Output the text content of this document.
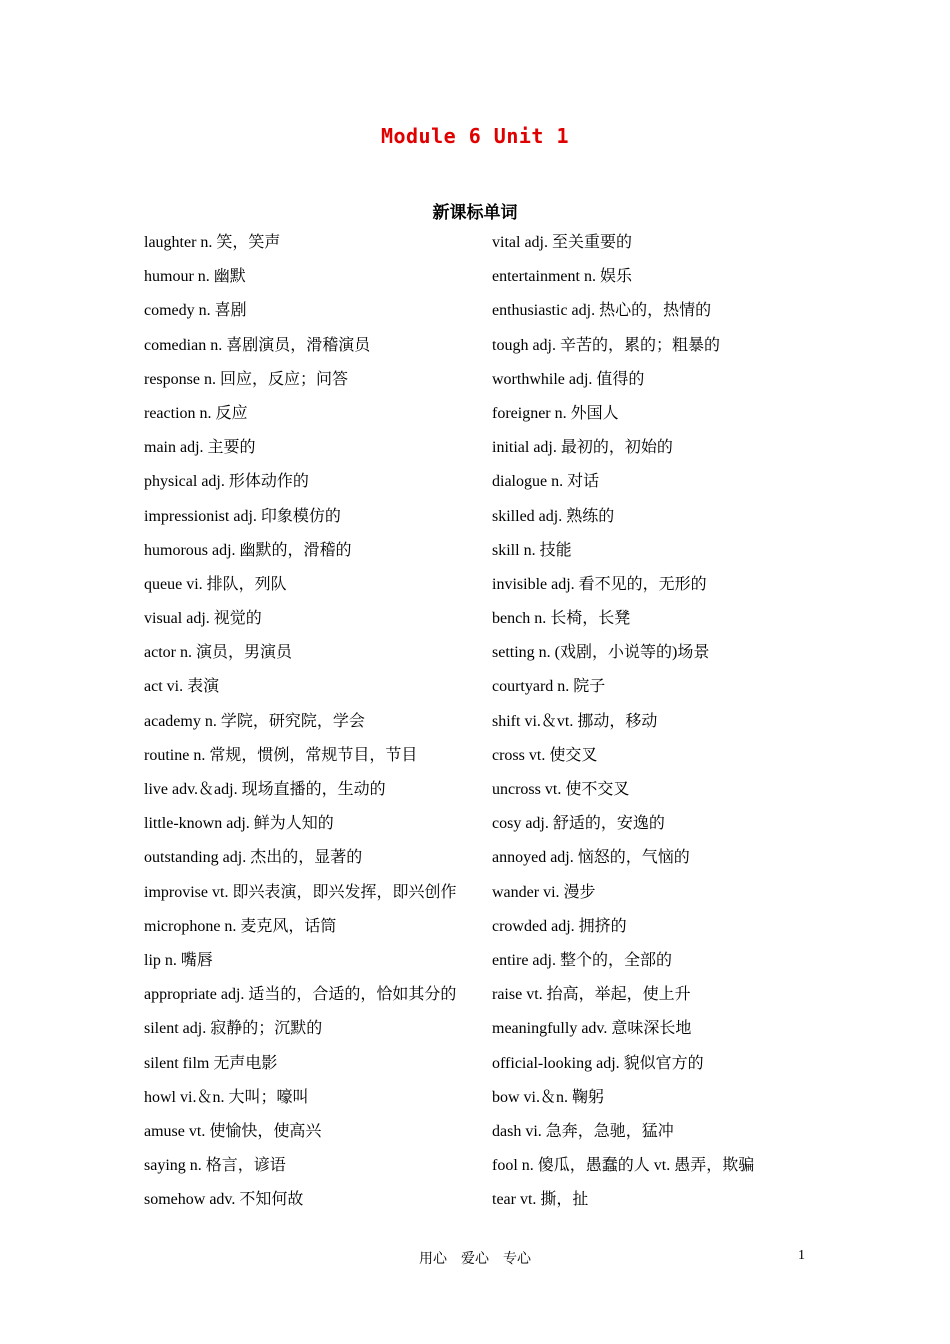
Module 6 Unit 1
新课标单词
laughter n. 笑，笑声
humour n. 幽默
comedy n. 喜剧
comedian n. 喜剧演员，滑稽演员
response n. 回应，反应；问答
reaction n. 反应
main adj. 主要的
physical adj. 形体动作的
impressionist adj. 印象模仿的
humorous adj. 幽默的，滑稽的
queue vi. 排队，列队
visual adj. 视觉的
actor n. 演员，男演员
act vi. 表演
academy n. 学院，研究院，学会
routine n. 常规，惯例，常规节目，节目
live adv.＆adj. 现场直播的，生动的
little-known adj. 鲜为人知的
outstanding adj. 杰出的，显著的
improvise vt. 即兴表演，即兴发挥，即兴创作
microphone n. 麦克风，话筒
lip n. 嘴唇
appropriate adj. 适当的，合适的，恰如其分的
silent adj. 寂静的；沉默的
silent film 无声电影
howl vi.＆n. 大叫；嚎叫
amuse vt. 使愉快，使高兴
saying n. 格言，谚语
somehow adv. 不知何故
vital adj. 至关重要的
entertainment n. 娱乐
enthusiastic adj. 热心的，热情的
tough adj. 辛苦的，累的；粗暴的
worthwhile adj. 值得的
foreigner n. 外国人
initial adj. 最初的，初始的
dialogue n. 对话
skilled adj. 熟练的
skill n. 技能
invisible adj. 看不见的，无形的
bench n. 长椅，长凳
setting n. (戏剧，小说等的)场景
courtyard n. 院子
shift vi.＆vt. 挪动，移动
cross vt. 使交叉
uncross vt. 使不交叉
cosy adj. 舒适的，安逸的
annoyed adj. 恼怒的，气恼的
wander vi. 漫步
crowded adj. 拥挤的
entire adj. 整个的，全部的
raise vt. 抬高，举起，使上升
meaningfully adv. 意味深长地
official-looking adj. 貌似官方的
bow vi.＆n. 鞠躬
dash vi. 急奔，急驰，猛冲
fool n. 傻瓜，愚蠢的人 vt. 愚弄，欺骗
tear vt. 撕，扯
用心　爱心　专心	1
